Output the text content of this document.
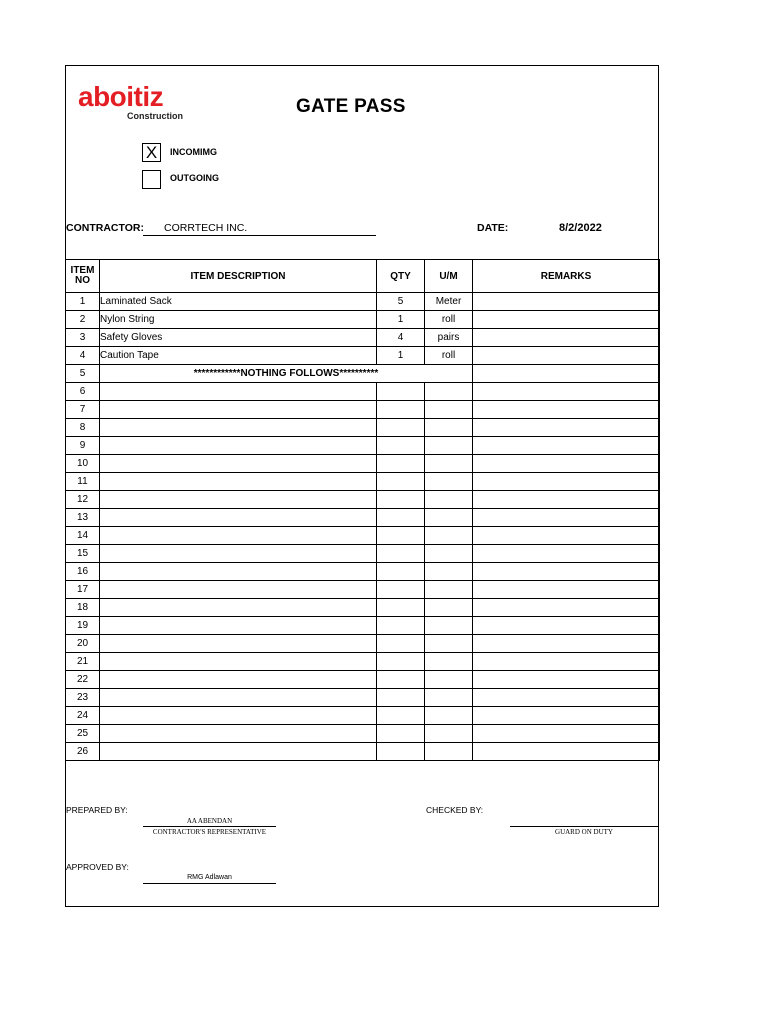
aboitiz
Construction	GATE PASS
X	INCOMIMG
OUTGOING
CONTRACTOR: CORRTECH INC.	DATE:	8/2/2022
ITEM
NO	ITEM DESCRIPTION	QTY	U/M	REMARKS
1	Laminated Sack	5	Meter	
2	Nylon String	1	roll	
3	Safety Gloves	4	pairs	
4	Caution Tape	1	roll	
5	************NOTHING FOLLOWS**********			
6				
7				
8				
9				
10				
11				
12				
13				
14				
15				
16				
17				
18				
19				
20				
21				
22				
23				
24				
25				
26				
PREPARED BY:
AA ABENDAN
CONTRACTOR'S REPRESENTATIVE
CHECKED BY:
GUARD ON DUTY
APPROVED BY:
RMG Adlawan
